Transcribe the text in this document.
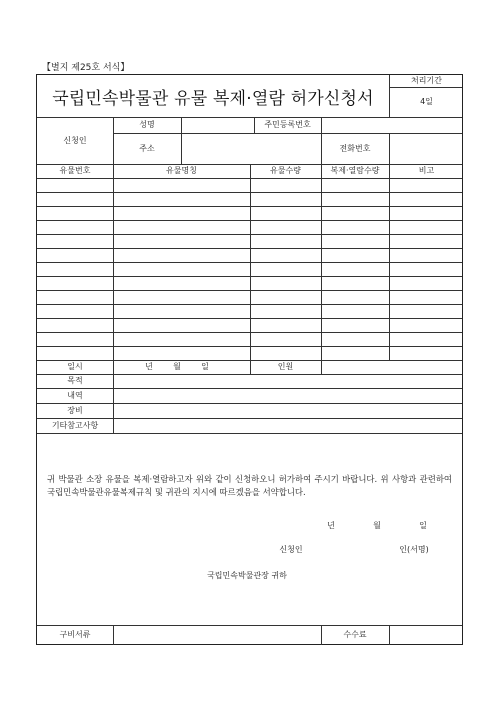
【별지 제25호 서식】
국립민속박물관 유물 복제·열람 허가신청서
처리기간
4일
신청인
성명	주민등록번호
주소	전화번호
유물번호	유물명칭	유물수량	복제·열람수량	비고
일시	년	월	일	인원
목적
내역
장비
기타참고사항
귀 박물관 소장 유물을 복제·열람하고자 위와 같이 신청하오니 허가하여 주시기 바랍니다. 위 사항과 관련하여 국립민속박물관유물복제규칙 및 귀관의 지시에 따르겠음을 서약합니다.
년	월	일
신청인	인(서명)
국립민속박물관장 귀하
구비서류	수수료
